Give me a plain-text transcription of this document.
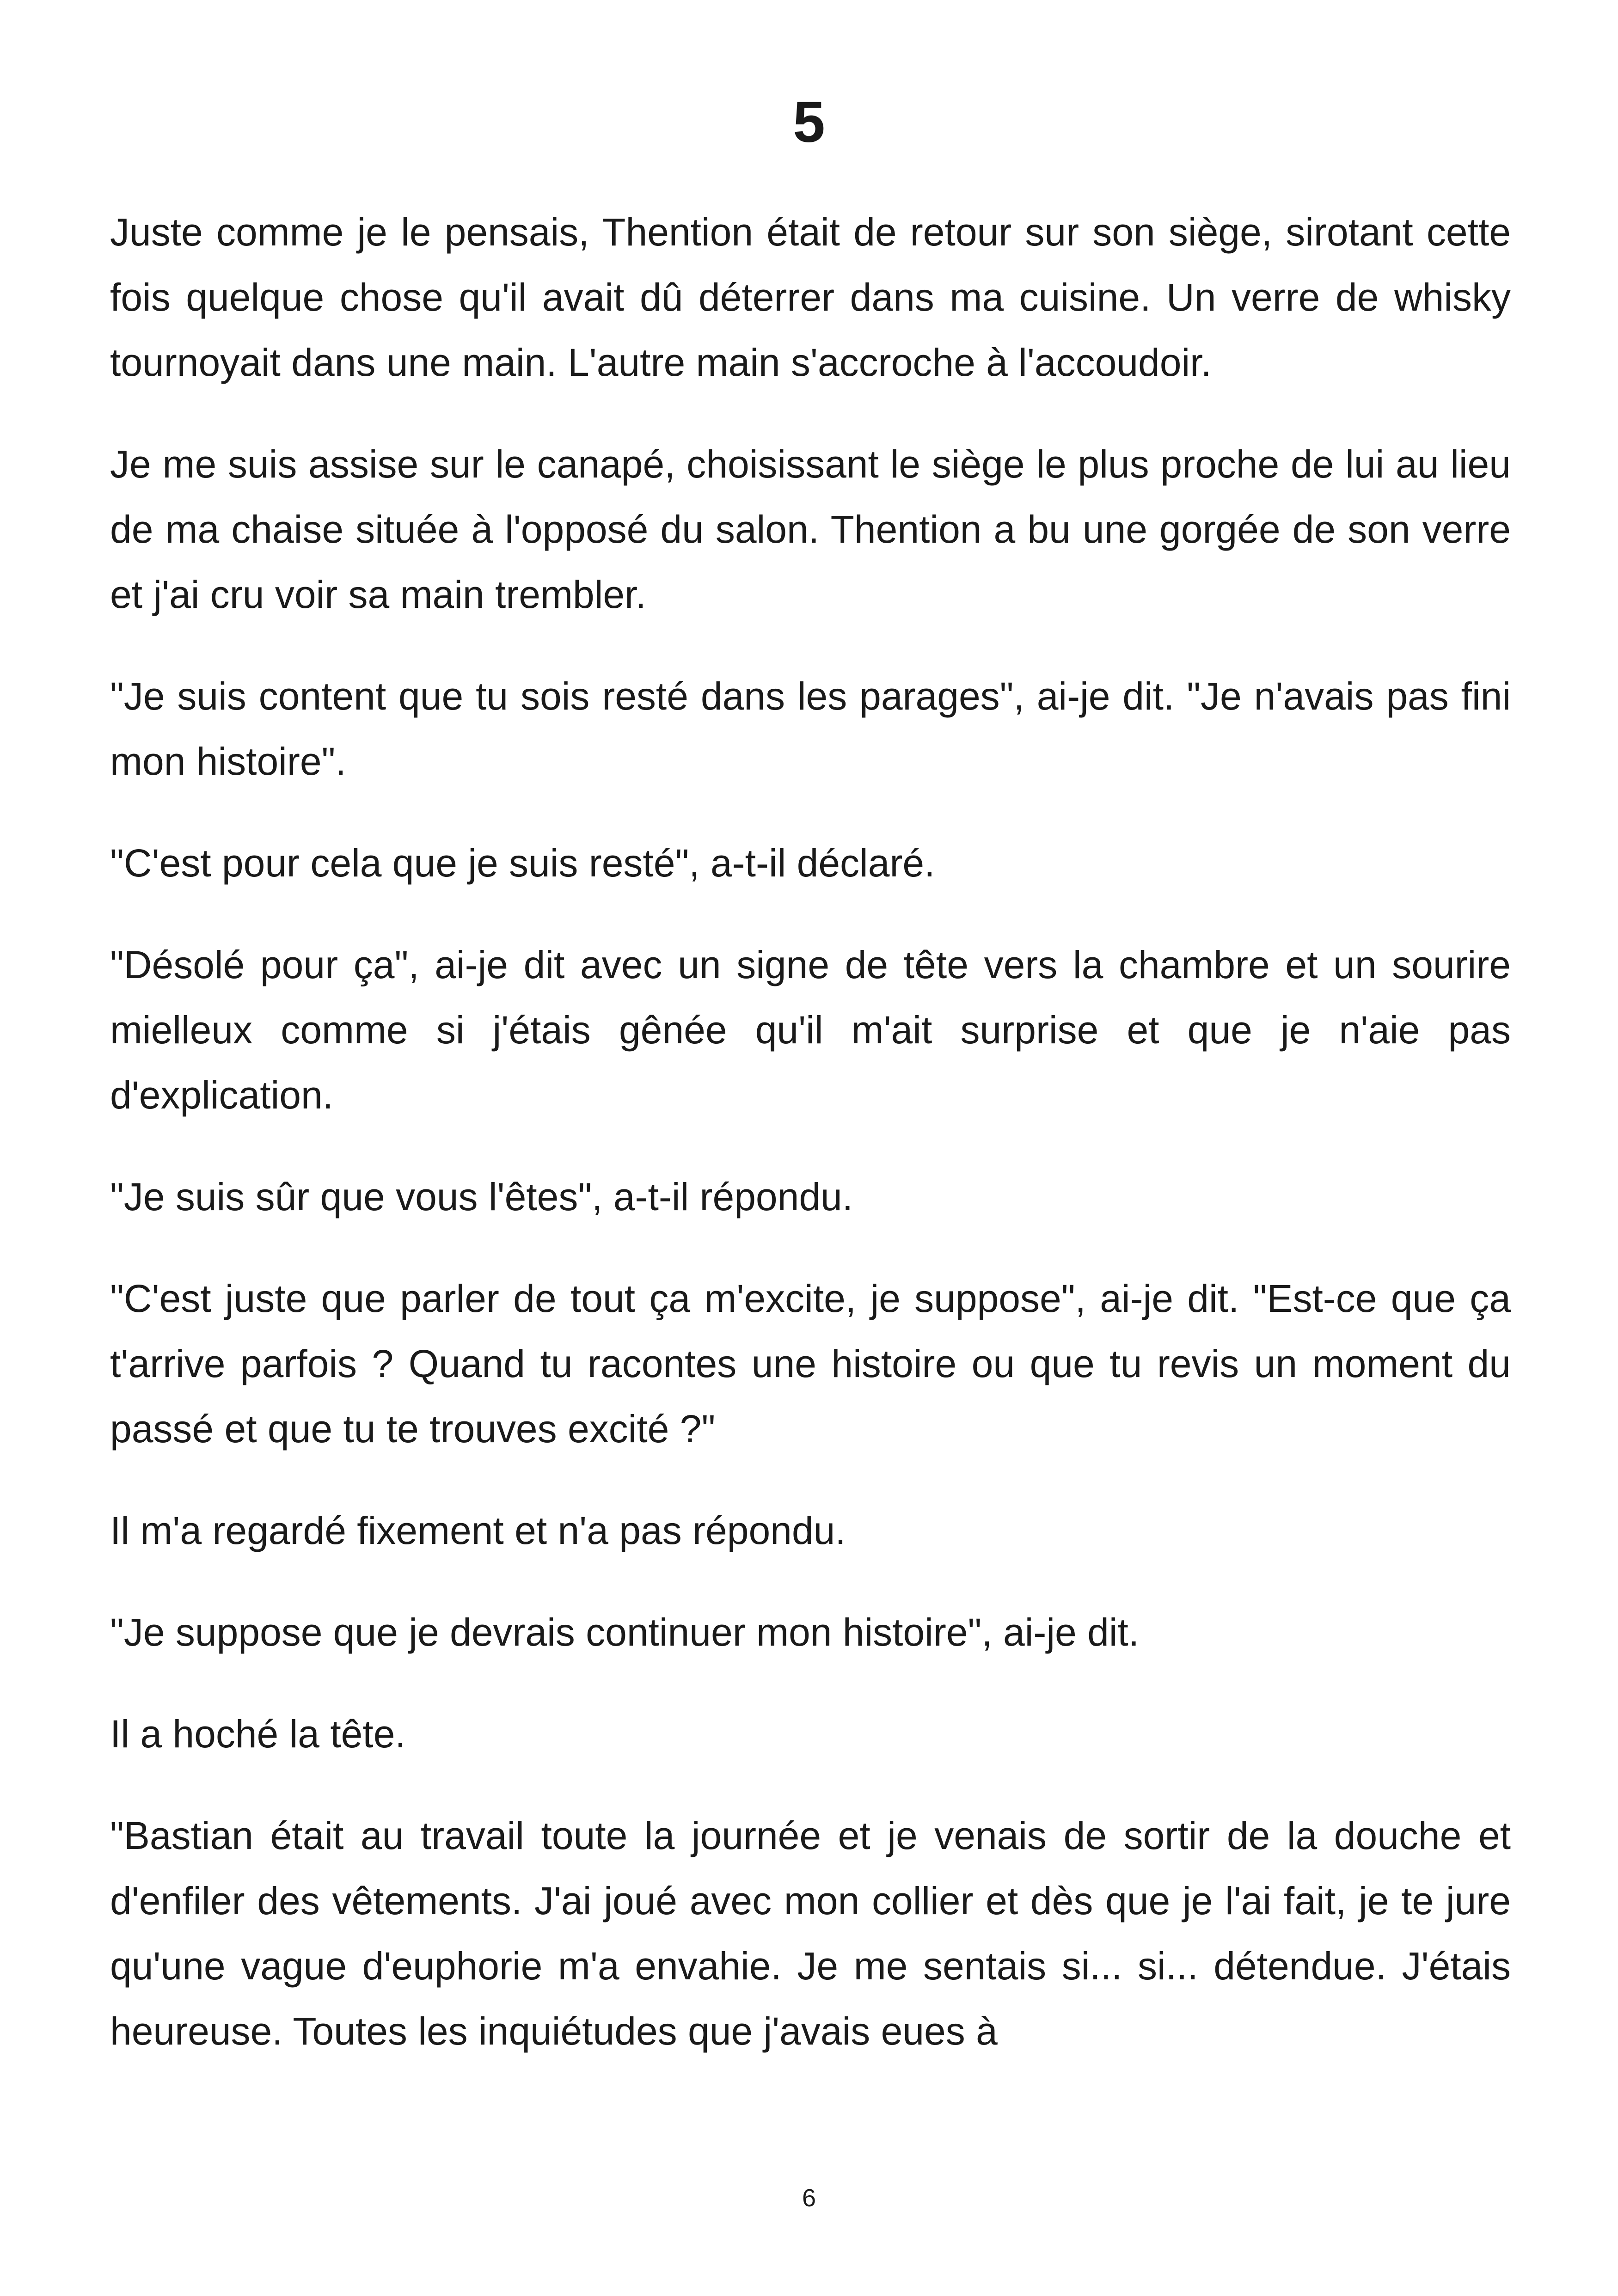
5

Juste comme je le pensais, Thention était de retour sur son siège, sirotant cette fois quelque chose qu'il avait dû déterrer dans ma cuisine. Un verre de whisky tournoyait dans une main. L'autre main s'accroche à l'accoudoir.

Je me suis assise sur le canapé, choisissant le siège le plus proche de lui au lieu de ma chaise située à l'opposé du salon. Thention a bu une gorgée de son verre et j'ai cru voir sa main trembler.

"Je suis content que tu sois resté dans les parages", ai-je dit. "Je n'avais pas fini mon histoire".

"C'est pour cela que je suis resté", a-t-il déclaré.

"Désolé pour ça", ai-je dit avec un signe de tête vers la chambre et un sourire mielleux comme si j'étais gênée qu'il m'ait surprise et que je n'aie pas d'explication.

"Je suis sûr que vous l'êtes", a-t-il répondu.

"C'est juste que parler de tout ça m'excite, je suppose", ai-je dit. "Est-ce que ça t'arrive parfois ? Quand tu racontes une histoire ou que tu revis un moment du passé et que tu te trouves excité ?"

Il m'a regardé fixement et n'a pas répondu.

"Je suppose que je devrais continuer mon histoire", ai-je dit.

Il a hoché la tête.

"Bastian était au travail toute la journée et je venais de sortir de la douche et d'enfiler des vêtements. J'ai joué avec mon collier et dès que je l'ai fait, je te jure qu'une vague d'euphorie m'a envahie. Je me sentais si... si... détendue. J'étais heureuse. Toutes les inquiétudes que j'avais eues à

6
